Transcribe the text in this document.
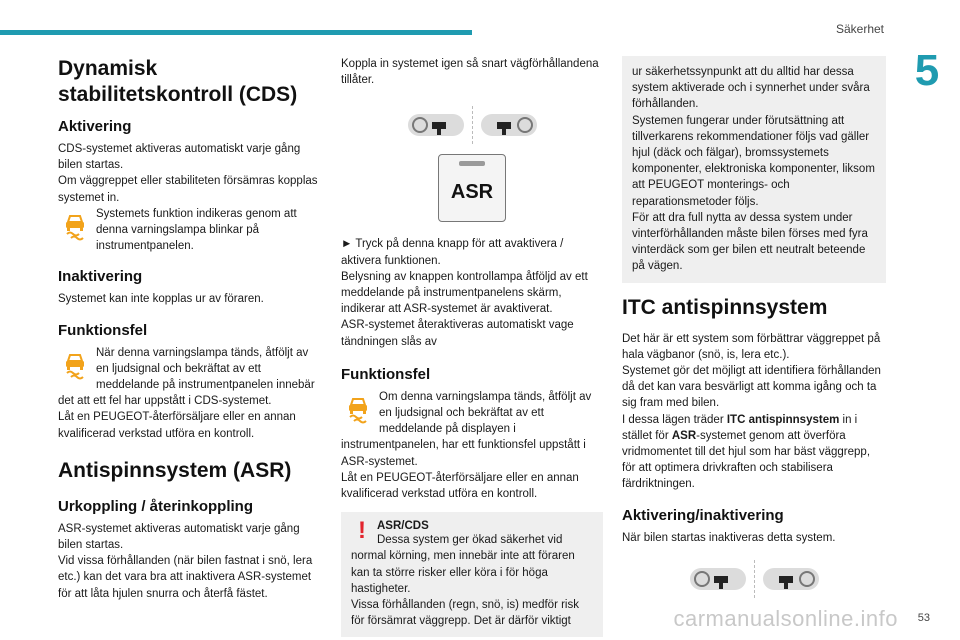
Säkerhet
5
Dynamisk stabilitetskontroll (CDS)
Aktivering

CDS-systemet aktiveras automatiskt varje gång bilen startas.

Om väggreppet eller stabiliteten försämras kopplas systemet in.

Systemets funktion indikeras genom att denna varningslampa blinkar på instrumentpanelen.

Inaktivering

Systemet kan inte kopplas ur av föraren.

Funktionsfel

När denna varningslampa tänds, åtföljt av en ljudsignal och bekräftat av ett meddelande på instrumentpanelen innebär det att ett fel har uppstått i CDS-systemet.

Låt en PEUGEOT-återförsäljare eller en annan kvalificerad verkstad utföra en kontroll.

Antispinnsystem (ASR)
Urkoppling / återinkoppling

ASR-systemet aktiveras automatiskt varje gång bilen startas.

Vid vissa förhållanden (när bilen fastnat i snö, lera etc.) kan det vara bra att inaktivera ASR-systemet för att låta hjulen snurra och återfå fästet.

Koppla in systemet igen så snart vägförhållandena tillåter.

ASR

► Tryck på denna knapp för att avaktivera / aktivera funktionen.

Belysning av knappen kontrollampa åtföljd av ett meddelande på instrumentpanelens skärm, indikerar att ASR-systemet är avaktiverat.

ASR-systemet återaktiveras automatiskt vage tändningen slås av

Funktionsfel

Om denna varningslampa tänds, åtföljt av en ljudsignal och bekräftat av ett meddelande på displayen i instrumentpanelen, har ett funktionsfel uppstått i ASR-systemet.

Låt en PEUGEOT-återförsäljare eller en annan kvalificerad verkstad utföra en kontroll.

! ASR/CDS

Dessa system ger ökad säkerhet vid normal körning, men innebär inte att föraren kan ta större risker eller köra i för höga hastigheter.

Vissa förhållanden (regn, snö, is) medför risk för försämrat väggrepp. Det är därför viktigt

ur säkerhetssynpunkt att du alltid har dessa system aktiverade och i synnerhet under svåra förhållanden.

Systemen fungerar under förutsättning att tillverkarens rekommendationer följs vad gäller hjul (däck och fälgar), bromssystemets komponenter, elektroniska komponenter, liksom att PEUGEOT monterings- och reparationsmetoder följs.

För att dra full nytta av dessa system under vinterförhållanden måste bilen förses med fyra vinterdäck som ger bilen ett neutralt beteende på vägen.

ITC antispinnsystem

Det här är ett system som förbättrar väggreppet på hala vägbanor (snö, is, lera etc.).

Systemet gör det möjligt att identifiera förhållanden då det kan vara besvärligt att komma igång och ta sig fram med bilen.

I dessa lägen träder ITC antispinnsystem in i stället för ASR-systemet genom att överföra vridmomentet till det hjul som har bäst väggrepp, för att optimera drivkraften och stabilisera färdriktningen.

Aktivering/inaktivering

När bilen startas inaktiveras detta system.

carmanualsonline.info 53
